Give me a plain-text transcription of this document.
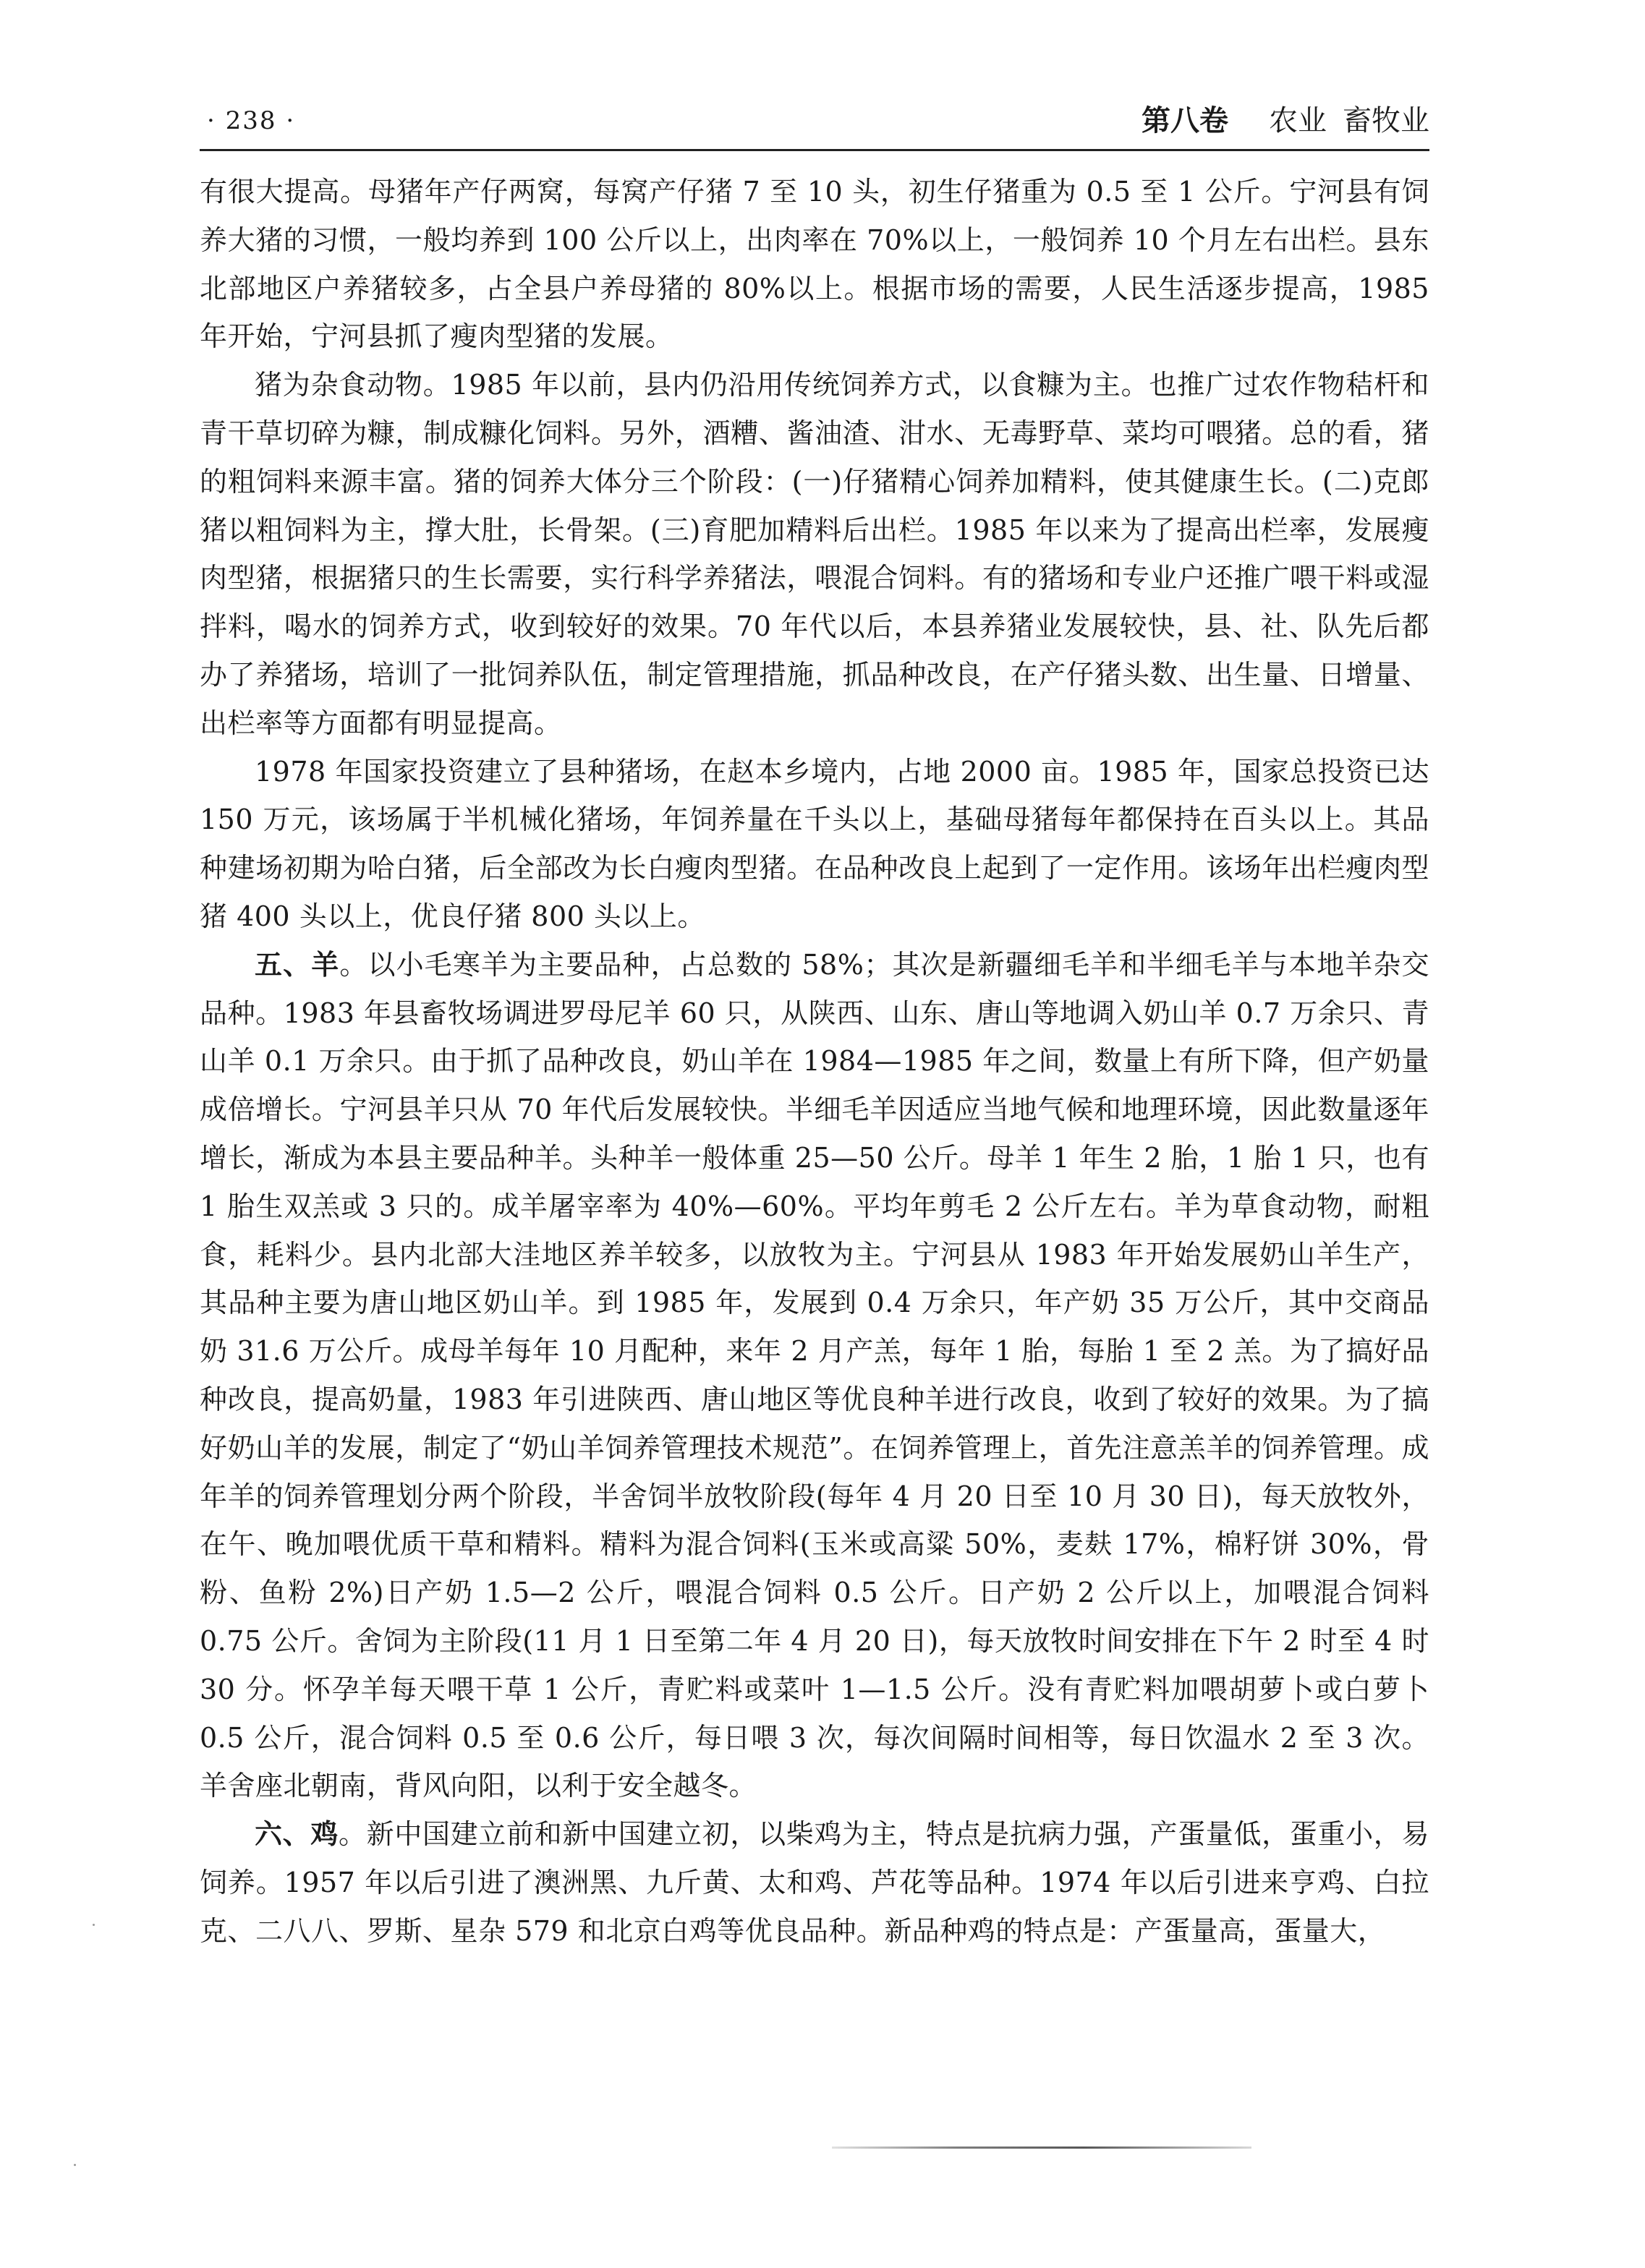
· 238 ·	第八卷 农业 畜牧业

有很大提高。母猪年产仔两窝，每窝产仔猪 7 至 10 头，初生仔猪重为 0.5 至 1 公斤。宁河县有饲养大猪的习惯，一般均养到 100 公斤以上，出肉率在 70%以上，一般饲养 10 个月左右出栏。县东北部地区户养猪较多，占全县户养母猪的 80%以上。根据市场的需要，人民生活逐步提高，1985 年开始，宁河县抓了瘦肉型猪的发展。

猪为杂食动物。1985 年以前，县内仍沿用传统饲养方式，以食糠为主。也推广过农作物秸杆和青干草切碎为糠，制成糠化饲料。另外，酒糟、酱油渣、泔水、无毒野草、菜均可喂猪。总的看，猪的粗饲料来源丰富。猪的饲养大体分三个阶段：(一)仔猪精心饲养加精料，使其健康生长。(二)克郎猪以粗饲料为主，撑大肚，长骨架。(三)育肥加精料后出栏。1985 年以来为了提高出栏率，发展瘦肉型猪，根据猪只的生长需要，实行科学养猪法，喂混合饲料。有的猪场和专业户还推广喂干料或湿拌料，喝水的饲养方式，收到较好的效果。70 年代以后，本县养猪业发展较快，县、社、队先后都办了养猪场，培训了一批饲养队伍，制定管理措施，抓品种改良，在产仔猪头数、出生量、日增量、出栏率等方面都有明显提高。

1978 年国家投资建立了县种猪场，在赵本乡境内，占地 2000 亩。1985 年，国家总投资已达 150 万元，该场属于半机械化猪场，年饲养量在千头以上，基础母猪每年都保持在百头以上。其品种建场初期为哈白猪，后全部改为长白瘦肉型猪。在品种改良上起到了一定作用。该场年出栏瘦肉型猪 400 头以上，优良仔猪 800 头以上。

五、羊。以小毛寒羊为主要品种，占总数的 58%；其次是新疆细毛羊和半细毛羊与本地羊杂交品种。1983 年县畜牧场调进罗母尼羊 60 只，从陕西、山东、唐山等地调入奶山羊 0.7 万余只、青山羊 0.1 万余只。由于抓了品种改良，奶山羊在 1984—1985 年之间，数量上有所下降，但产奶量成倍增长。宁河县羊只从 70 年代后发展较快。半细毛羊因适应当地气候和地理环境，因此数量逐年增长，渐成为本县主要品种羊。头种羊一般体重 25—50 公斤。母羊 1 年生 2 胎，1 胎 1 只，也有 1 胎生双羔或 3 只的。成羊屠宰率为 40%—60%。平均年剪毛 2 公斤左右。羊为草食动物，耐粗食，耗料少。县内北部大洼地区养羊较多，以放牧为主。宁河县从 1983 年开始发展奶山羊生产，其品种主要为唐山地区奶山羊。到 1985 年，发展到 0.4 万余只，年产奶 35 万公斤，其中交商品奶 31.6 万公斤。成母羊每年 10 月配种，来年 2 月产羔，每年 1 胎，每胎 1 至 2 羔。为了搞好品种改良，提高奶量，1983 年引进陕西、唐山地区等优良种羊进行改良，收到了较好的效果。为了搞好奶山羊的发展，制定了“奶山羊饲养管理技术规范”。在饲养管理上，首先注意羔羊的饲养管理。成年羊的饲养管理划分两个阶段，半舍饲半放牧阶段(每年 4 月 20 日至 10 月 30 日)，每天放牧外，在午、晚加喂优质干草和精料。精料为混合饲料(玉米或高粱 50%，麦麸 17%，棉籽饼 30%，骨粉、鱼粉 2%)日产奶 1.5—2 公斤，喂混合饲料 0.5 公斤。日产奶 2 公斤以上，加喂混合饲料 0.75 公斤。舍饲为主阶段(11 月 1 日至第二年 4 月 20 日)，每天放牧时间安排在下午 2 时至 4 时 30 分。怀孕羊每天喂干草 1 公斤，青贮料或菜叶 1—1.5 公斤。没有青贮料加喂胡萝卜或白萝卜 0.5 公斤，混合饲料 0.5 至 0.6 公斤，每日喂 3 次，每次间隔时间相等，每日饮温水 2 至 3 次。羊舍座北朝南，背风向阳，以利于安全越冬。

六、鸡。新中国建立前和新中国建立初，以柴鸡为主，特点是抗病力强，产蛋量低，蛋重小，易饲养。1957 年以后引进了澳洲黑、九斤黄、太和鸡、芦花等品种。1974 年以后引进来亨鸡、白拉克、二八八、罗斯、星杂 579 和北京白鸡等优良品种。新品种鸡的特点是：产蛋量高，蛋量大，
